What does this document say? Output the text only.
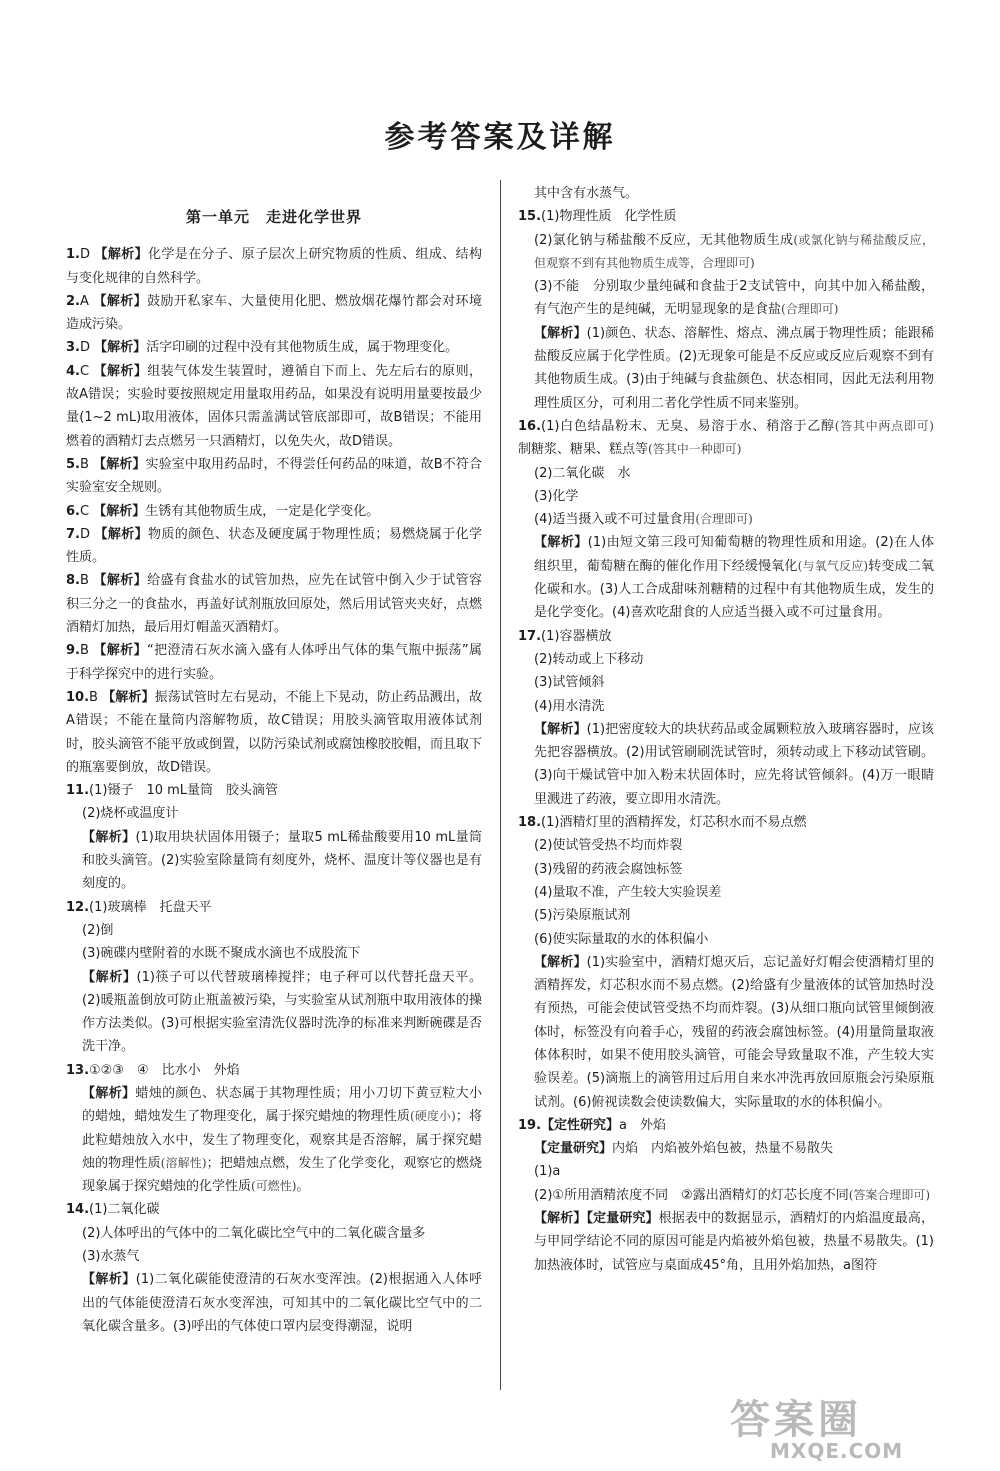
参考答案及详解
第一单元　走进化学世界

1.D 【解析】化学是在分子、原子层次上研究物质的性质、组成、结构与变化规律的自然科学。

2.A 【解析】鼓励开私家车、大量使用化肥、燃放烟花爆竹都会对环境造成污染。

3.D 【解析】活字印刷的过程中没有其他物质生成，属于物理变化。

4.C 【解析】组装气体发生装置时，遵循自下而上、先左后右的原则，故A错误；实验时要按照规定用量取用药品，如果没有说明用量要按最少量(1~2 mL)取用液体，固体只需盖满试管底部即可，故B错误；不能用燃着的酒精灯去点燃另一只酒精灯，以免失火，故D错误。

5.B 【解析】实验室中取用药品时，不得尝任何药品的味道，故B不符合实验室安全规则。

6.C 【解析】生锈有其他物质生成，一定是化学变化。

7.D 【解析】物质的颜色、状态及硬度属于物理性质；易燃烧属于化学性质。

8.B 【解析】给盛有食盐水的试管加热，应先在试管中倒入少于试管容积三分之一的食盐水，再盖好试剂瓶放回原处，然后用试管夹夹好，点燃酒精灯加热，最后用灯帽盖灭酒精灯。

9.B 【解析】“把澄清石灰水滴入盛有人体呼出气体的集气瓶中振荡”属于科学探究中的进行实验。

10.B 【解析】振荡试管时左右晃动，不能上下晃动，防止药品溅出，故A错误；不能在量筒内溶解物质，故C错误；用胶头滴管取用液体试剂时，胶头滴管不能平放或倒置，以防污染试剂或腐蚀橡胶胶帽，而且取下的瓶塞要倒放，故D错误。

11.(1)镊子　10 mL量筒　胶头滴管

(2)烧杯或温度计

【解析】(1)取用块状固体用镊子；量取5 mL稀盐酸要用10 mL量筒和胶头滴管。(2)实验室除量筒有刻度外，烧杯、温度计等仪器也是有刻度的。

12.(1)玻璃棒　托盘天平

(2)倒

(3)碗碟内壁附着的水既不聚成水滴也不成股流下

【解析】(1)筷子可以代替玻璃棒搅拌；电子秤可以代替托盘天平。(2)暖瓶盖倒放可防止瓶盖被污染，与实验室从试剂瓶中取用液体的操作方法类似。(3)可根据实验室清洗仪器时洗净的标准来判断碗碟是否洗干净。

13.①②③　④　比水小　外焰

【解析】蜡烛的颜色、状态属于其物理性质；用小刀切下黄豆粒大小的蜡烛，蜡烛发生了物理变化，属于探究蜡烛的物理性质(硬度小)；将此粒蜡烛放入水中，发生了物理变化，观察其是否溶解，属于探究蜡烛的物理性质(溶解性)；把蜡烛点燃，发生了化学变化，观察它的燃烧现象属于探究蜡烛的化学性质(可燃性)。

14.(1)二氧化碳

(2)人体呼出的气体中的二氧化碳比空气中的二氧化碳含量多

(3)水蒸气

【解析】(1)二氧化碳能使澄清的石灰水变浑浊。(2)根据通入人体呼出的气体能使澄清石灰水变浑浊，可知其中的二氧化碳比空气中的二氧化碳含量多。(3)呼出的气体使口罩内层变得潮湿，说明

其中含有水蒸气。

15.(1)物理性质　化学性质

(2)氯化钠与稀盐酸不反应，无其他物质生成(或氯化钠与稀盐酸反应，但观察不到有其他物质生成等，合理即可)

(3)不能　分别取少量纯碱和食盐于2支试管中，向其中加入稀盐酸，有气泡产生的是纯碱，无明显现象的是食盐(合理即可)

【解析】(1)颜色、状态、溶解性、熔点、沸点属于物理性质；能跟稀盐酸反应属于化学性质。(2)无现象可能是不反应或反应后观察不到有其他物质生成。(3)由于纯碱与食盐颜色、状态相同，因此无法利用物理性质区分，可利用二者化学性质不同来鉴别。

16.(1)白色结晶粉末、无臭、易溶于水、稍溶于乙醇(答其中两点即可)　制糖浆、糖果、糕点等(答其中一种即可)

(2)二氧化碳　水

(3)化学

(4)适当摄入或不可过量食用(合理即可)

【解析】(1)由短文第三段可知葡萄糖的物理性质和用途。(2)在人体组织里，葡萄糖在酶的催化作用下经缓慢氧化(与氧气反应)转变成二氧化碳和水。(3)人工合成甜味剂糖精的过程中有其他物质生成，发生的是化学变化。(4)喜欢吃甜食的人应适当摄入或不可过量食用。

17.(1)容器横放

(2)转动或上下移动

(3)试管倾斜

(4)用水清洗

【解析】(1)把密度较大的块状药品或金属颗粒放入玻璃容器时，应该先把容器横放。(2)用试管刷刷洗试管时，须转动或上下移动试管刷。(3)向干燥试管中加入粉末状固体时，应先将试管倾斜。(4)万一眼睛里溅进了药液，要立即用水清洗。

18.(1)酒精灯里的酒精挥发，灯芯积水而不易点燃

(2)使试管受热不均而炸裂

(3)残留的药液会腐蚀标签

(4)量取不准，产生较大实验误差

(5)污染原瓶试剂

(6)使实际量取的水的体积偏小

【解析】(1)实验室中，酒精灯熄灭后，忘记盖好灯帽会使酒精灯里的酒精挥发，灯芯积水而不易点燃。(2)给盛有少量液体的试管加热时没有预热，可能会使试管受热不均而炸裂。(3)从细口瓶向试管里倾倒液体时，标签没有向着手心，残留的药液会腐蚀标签。(4)用量筒量取液体体积时，如果不使用胶头滴管，可能会导致量取不准，产生较大实验误差。(5)滴瓶上的滴管用过后用自来水冲洗再放回原瓶会污染原瓶试剂。(6)俯视读数会使读数偏大，实际量取的水的体积偏小。

19.【定性研究】a　外焰

【定量研究】内焰　内焰被外焰包被，热量不易散失

(1)a

(2)①所用酒精浓度不同　②露出酒精灯的灯芯长度不同(答案合理即可)

【解析】【定量研究】根据表中的数据显示，酒精灯的内焰温度最高，与甲同学结论不同的原因可能是内焰被外焰包被，热量不易散失。(1)加热液体时，试管应与桌面成45°角，且用外焰加热，a图符

答案圈
MXQE.COM
